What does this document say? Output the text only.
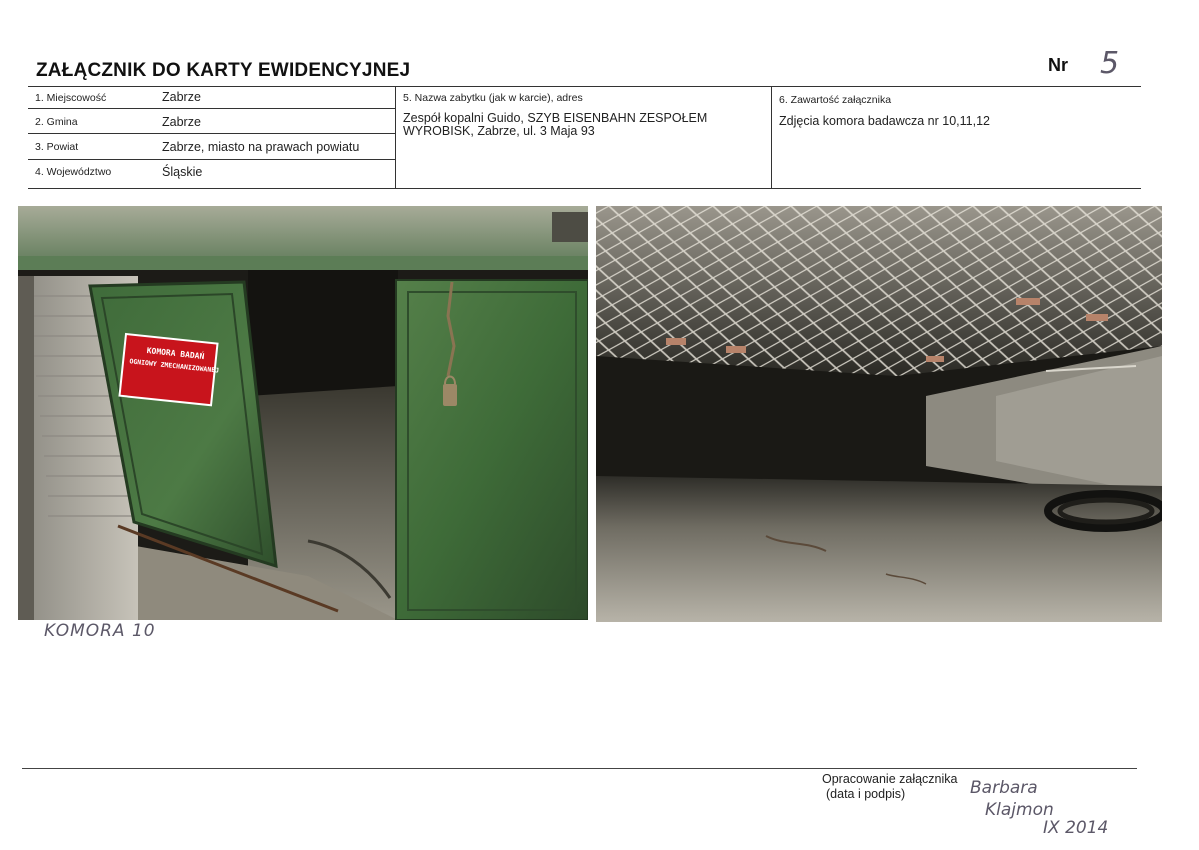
ZAŁĄCZNIK DO KARTY EWIDENCYJNEJ	Nr 5
1. Miejscowość	Zabrze
2. Gmina	Zabrze
3. Powiat	Zabrze, miasto na prawach powiatu
4. Województwo	Śląskie
5. Nazwa zabytku (jak w karcie), adres
Zespół kopalni Guido, SZYB EISENBAHN ZESPOŁEM
WYROBISK, Zabrze, ul. 3 Maja 93
6. Zawartość załącznika
Zdjęcia komora badawcza nr 10,11,12
KOMORA BADAŃ
OGNIOWY ZMECHANIZOWANEJ
KOMORA 10
Opracowanie załącznika
(data i podpis)	Barbara
Klajmon
IX 2014
